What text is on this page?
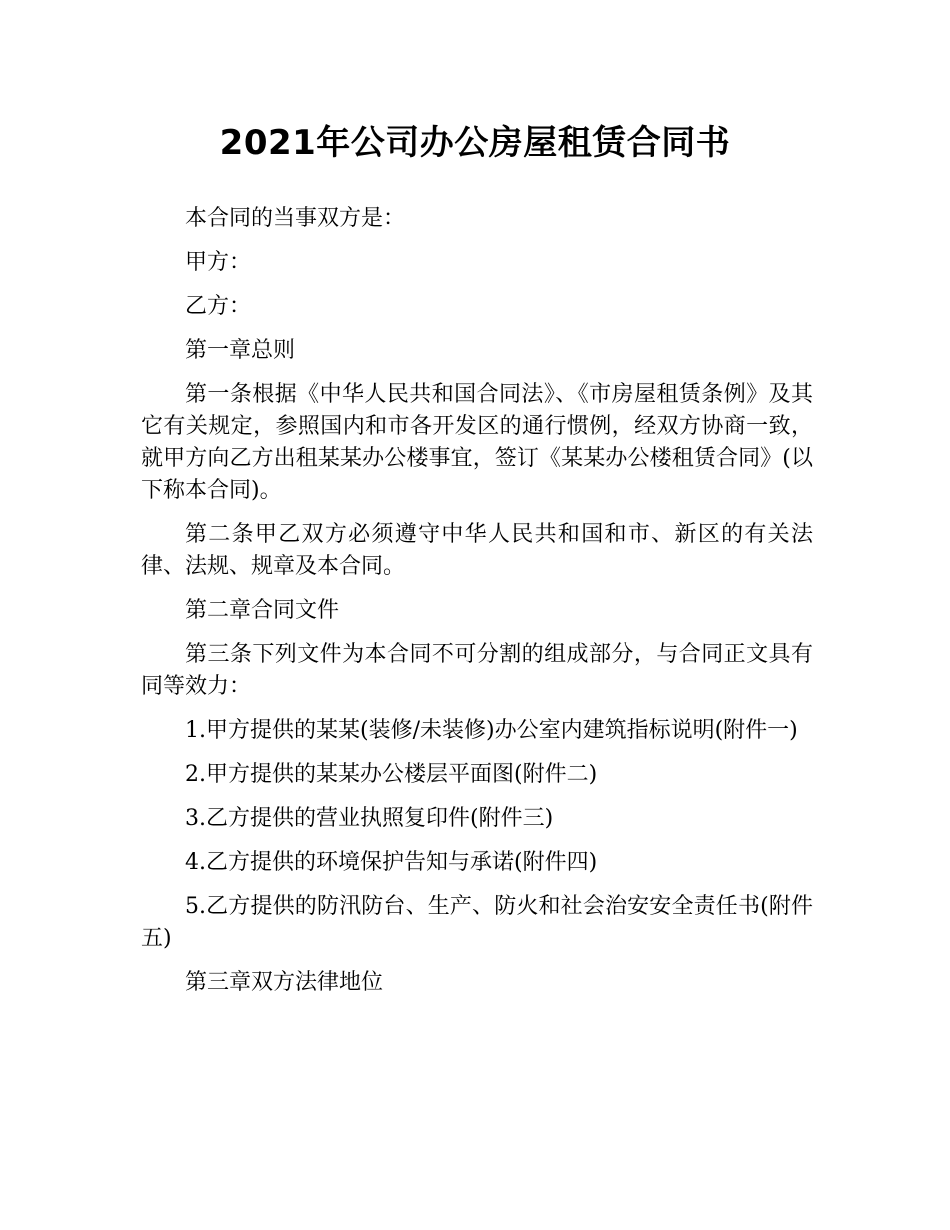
2021年公司办公房屋租赁合同书

本合同的当事双方是：

甲方：

乙方：

第一章总则

第一条根据《中华人民共和国合同法》、《市房屋租赁条例》及其它有关规定，参照国内和市各开发区的通行惯例，经双方协商一致，就甲方向乙方出租某某办公楼事宜，签订《某某办公楼租赁合同》(以下称本合同)。

第二条甲乙双方必须遵守中华人民共和国和市、新区的有关法律、法规、规章及本合同。

第二章合同文件

第三条下列文件为本合同不可分割的组成部分，与合同正文具有同等效力：

1.甲方提供的某某(装修/未装修)办公室内建筑指标说明(附件一)

2.甲方提供的某某办公楼层平面图(附件二)

3.乙方提供的营业执照复印件(附件三)

4.乙方提供的环境保护告知与承诺(附件四)

5.乙方提供的防汛防台、生产、防火和社会治安安全责任书(附件五)

第三章双方法律地位
